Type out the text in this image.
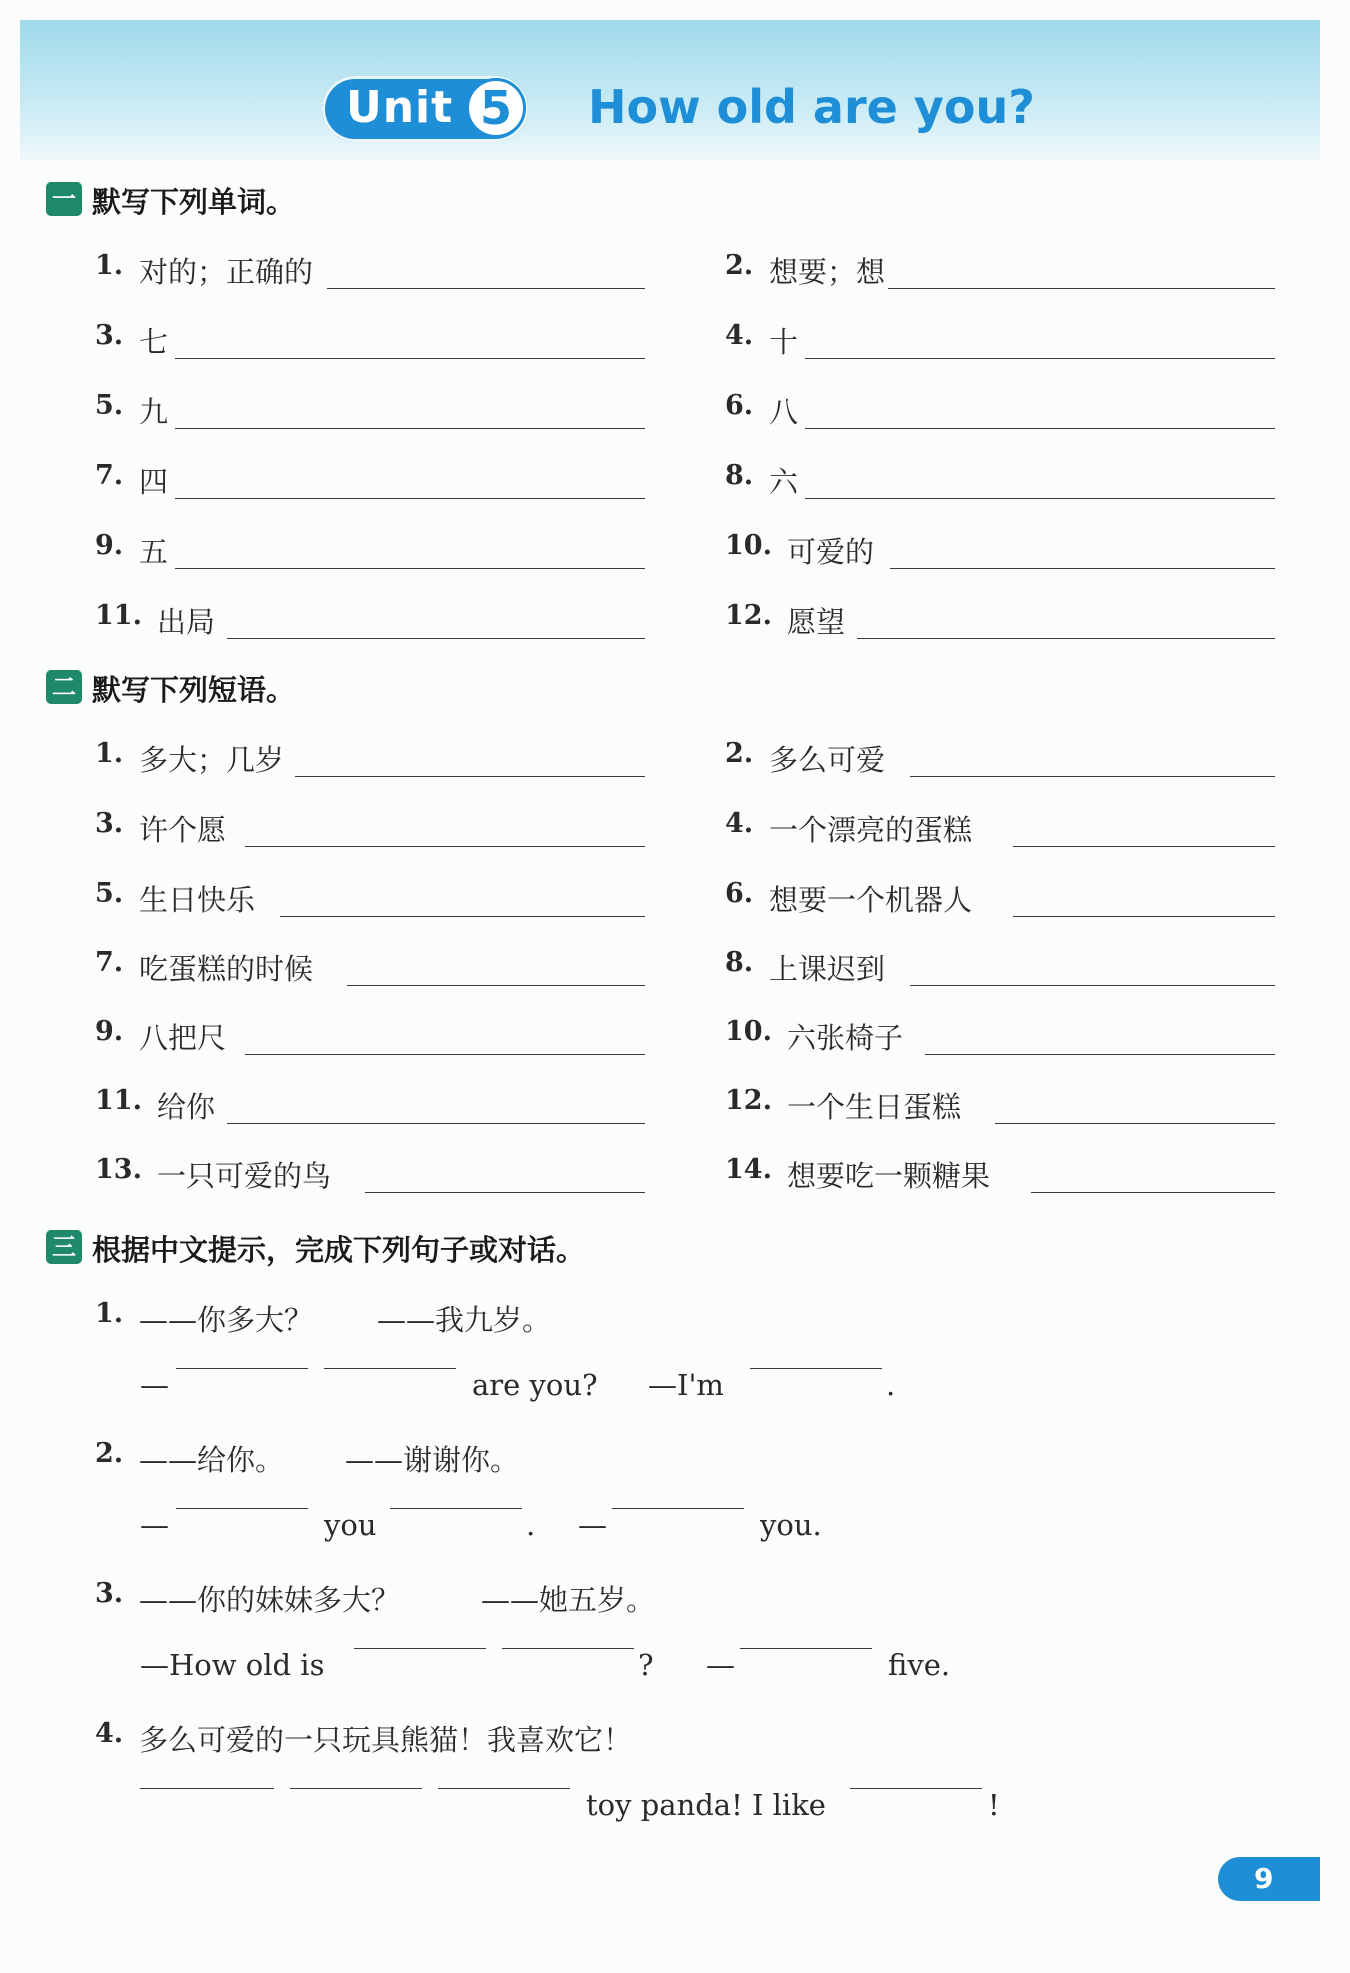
Unit 5	How old are you?
一 默写下列单词。
1. 对的；正确的	2. 想要；想
3. 七	4. 十
5. 九	6. 八
7. 四	8. 六
9. 五	10. 可爱的
11. 出局	12. 愿望
二 默写下列短语。
1. 多大；几岁	2. 多么可爱
3. 许个愿	4. 一个漂亮的蛋糕
5. 生日快乐	6. 想要一个机器人
7. 吃蛋糕的时候	8. 上课迟到
9. 八把尺	10. 六张椅子
11. 给你	12. 一个生日蛋糕
13. 一只可爱的鸟	14. 想要吃一颗糖果
三 根据中文提示，完成下列句子或对话。
1. ——你多大？ ——我九岁。
—	are you? —I'm	.
2. ——给你。 ——谢谢你。
—	you	. —	you.
3. ——你的妹妹多大？	——她五岁。
—How old is	? —	five.
4. 多么可爱的一只玩具熊猫！我喜欢它！
toy panda! I like	!
9
